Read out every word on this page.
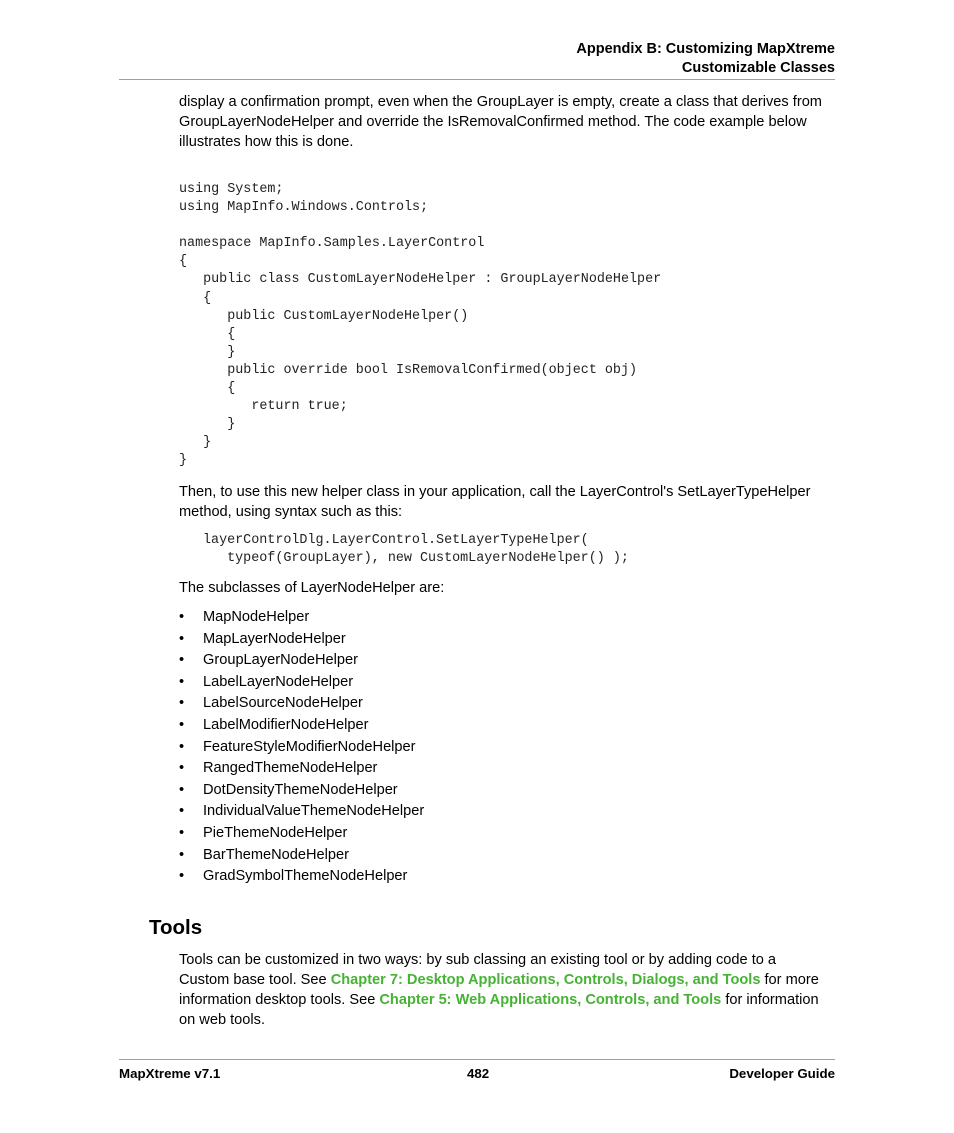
Appendix B: Customizing MapXtreme
Customizable Classes
display a confirmation prompt, even when the GroupLayer is empty, create a class that derives from
GroupLayerNodeHelper and override the IsRemovalConfirmed method. The code example below
illustrates how this is done.
using System;
using MapInfo.Windows.Controls;
namespace MapInfo.Samples.LayerControl
{
public class CustomLayerNodeHelper : GroupLayerNodeHelper
{
public CustomLayerNodeHelper()
{
}
public override bool IsRemovalConfirmed(object obj)
{
return true;
}
}
}
Then, to use this new helper class in your application, call the LayerControl's SetLayerTypeHelper
method, using syntax such as this:
layerControlDlg.LayerControl.SetLayerTypeHelper(
typeof(GroupLayer), new CustomLayerNodeHelper() );
The subclasses of LayerNodeHelper are:
• MapNodeHelper
• MapLayerNodeHelper
• GroupLayerNodeHelper
• LabelLayerNodeHelper
• LabelSourceNodeHelper
• LabelModifierNodeHelper
• FeatureStyleModifierNodeHelper
• RangedThemeNodeHelper
• DotDensityThemeNodeHelper
• IndividualValueThemeNodeHelper
• PieThemeNodeHelper
• BarThemeNodeHelper
• GradSymbolThemeNodeHelper
Tools
Tools can be customized in two ways: by sub classing an existing tool or by adding code to a
Custom base tool. See Chapter 7: Desktop Applications, Controls, Dialogs, and Tools for more
information desktop tools. See Chapter 5: Web Applications, Controls, and Tools for information
on web tools.
MapXtreme v7.1	482	Developer Guide
